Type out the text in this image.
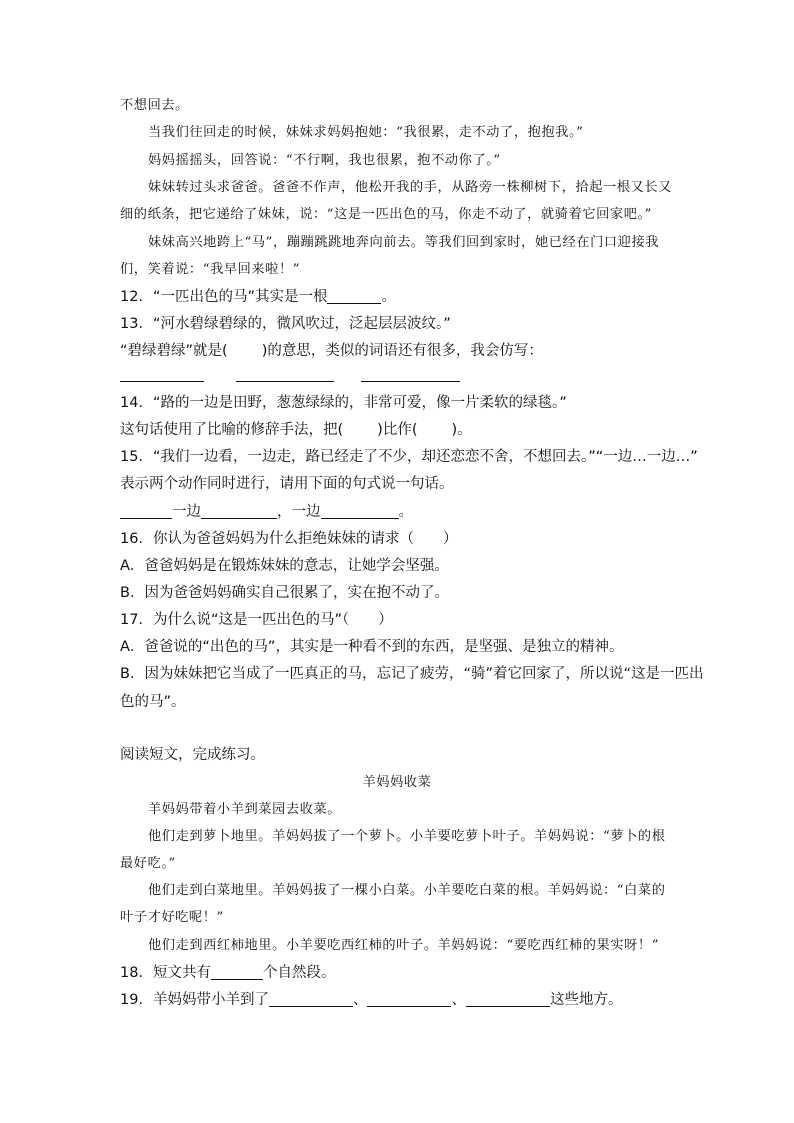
不想回去。
当我们往回走的时候，妹妹求妈妈抱她：“我很累，走不动了，抱抱我。”
妈妈摇摇头，回答说：“不行啊，我也很累，抱不动你了。”
妹妹转过头求爸爸。爸爸不作声，他松开我的手，从路旁一株柳树下，拾起一根又长又
细的纸条，把它递给了妹妹，说：“这是一匹出色的马，你走不动了，就骑着它回家吧。”
妹妹高兴地跨上“马”，蹦蹦跳跳地奔向前去。等我们回到家时，她已经在门口迎接我
们，笑着说：“我早回来啦！”
12．“一匹出色的马”其实是一根	。
13．“河水碧绿碧绿的，微风吹过，泛起层层波纹。”
“碧绿碧绿”就是( )的意思，类似的词语还有很多，我会仿写：
14．“路的一边是田野，葱葱绿绿的，非常可爱，像一片柔软的绿毯。”
这句话使用了比喻的修辞手法，把( )比作( )。
15．“我们一边看，一边走，路已经走了不少，却还恋恋不舍，不想回去。”“一边…一边…”
表示两个动作同时进行，请用下面的句式说一句话。
一边	，一边	。
16．你认为爸爸妈妈为什么拒绝妹妹的请求（　　）
A．爸爸妈妈是在锻炼妹妹的意志，让她学会坚强。
B．因为爸爸妈妈确实自己很累了，实在抱不动了。
17．为什么说“这是一匹出色的马”（　　）
A．爸爸说的“出色的马”，其实是一种看不到的东西，是坚强、是独立的精神。
B．因为妹妹把它当成了一匹真正的马，忘记了疲劳，“骑”着它回家了，所以说“这是一匹出
色的马”。
阅读短文，完成练习。
羊妈妈收菜
羊妈妈带着小羊到菜园去收菜。
他们走到萝卜地里。羊妈妈拔了一个萝卜。小羊要吃萝卜叶子。羊妈妈说：“萝卜的根
最好吃。”
他们走到白菜地里。羊妈妈拔了一棵小白菜。小羊要吃白菜的根。羊妈妈说：“白菜的
叶子才好吃呢！”
他们走到西红柿地里。小羊要吃西红柿的叶子。羊妈妈说：“要吃西红柿的果实呀！”
18．短文共有	个自然段。
19．羊妈妈带小羊到了	、	、	这些地方。
